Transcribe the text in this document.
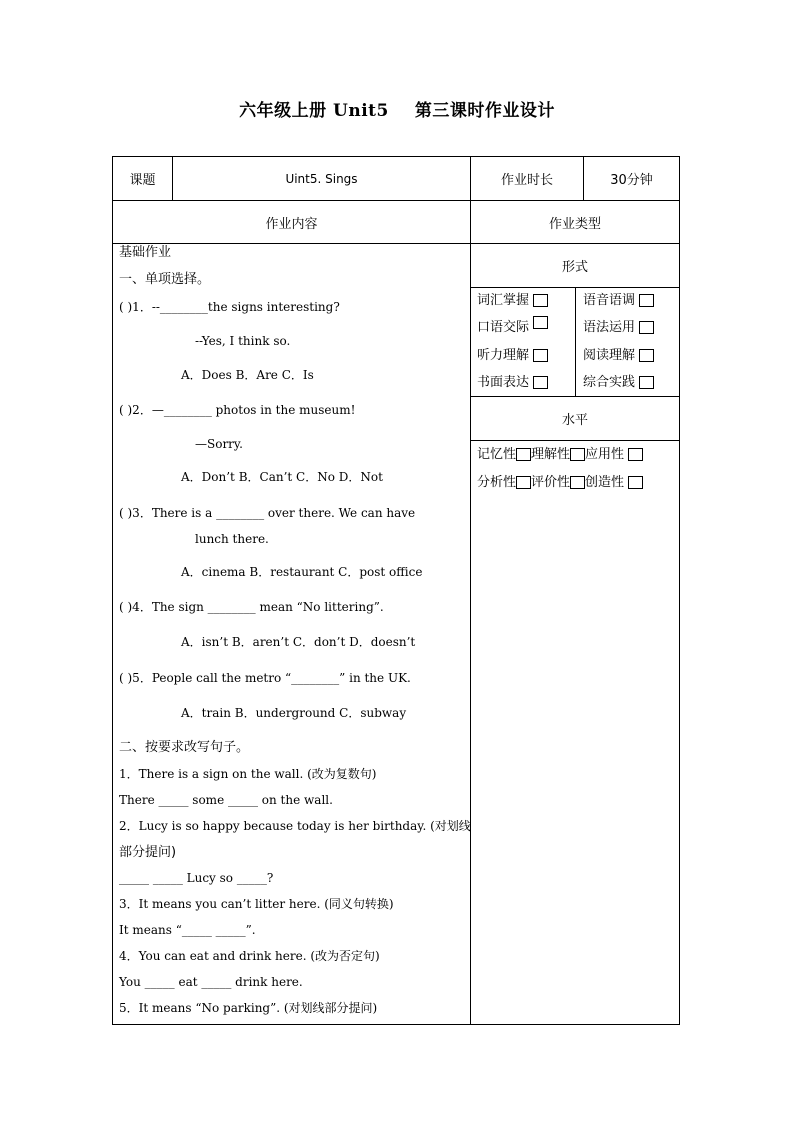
六年级上册 Unit5 第三课时作业设计
课题	Uint5. Sings	作业时长	30分钟
作业内容	作业类型
形式
词汇掌握	语音语调
口语交际	语法运用
听力理解	阅读理解
书面表达	综合实践
水平
记忆性 理解性 应用性
分析性 评价性 创造性
基础作业
一、单项选择。
( )1．--________the signs interesting?
--Yes, I think so.
A．Does B．Are C．Is
( )2．—________ photos in the museum!
—Sorry.
A．Don’t B．Can’t C．No D．Not
( )3．There is a ________ over there. We can have
lunch there.
A．cinema B．restaurant C．post office
( )4．The sign ________ mean “No littering”.
A．isn’t B．aren’t C．don’t D．doesn’t
( )5．People call the metro “________” in the UK.
A．train B．underground C．subway
二、按要求改写句子。
1．There is a sign on the wall. (改为复数句)
There _____ some _____ on the wall.
2．Lucy is so happy because today is her birthday. (对划线
部分提问)
_____ _____ Lucy so _____?
3．It means you can’t litter here. (同义句转换)
It means “_____ _____”.
4．You can eat and drink here. (改为否定句)
You _____ eat _____ drink here.
5．It means “No parking”. (对划线部分提问)
